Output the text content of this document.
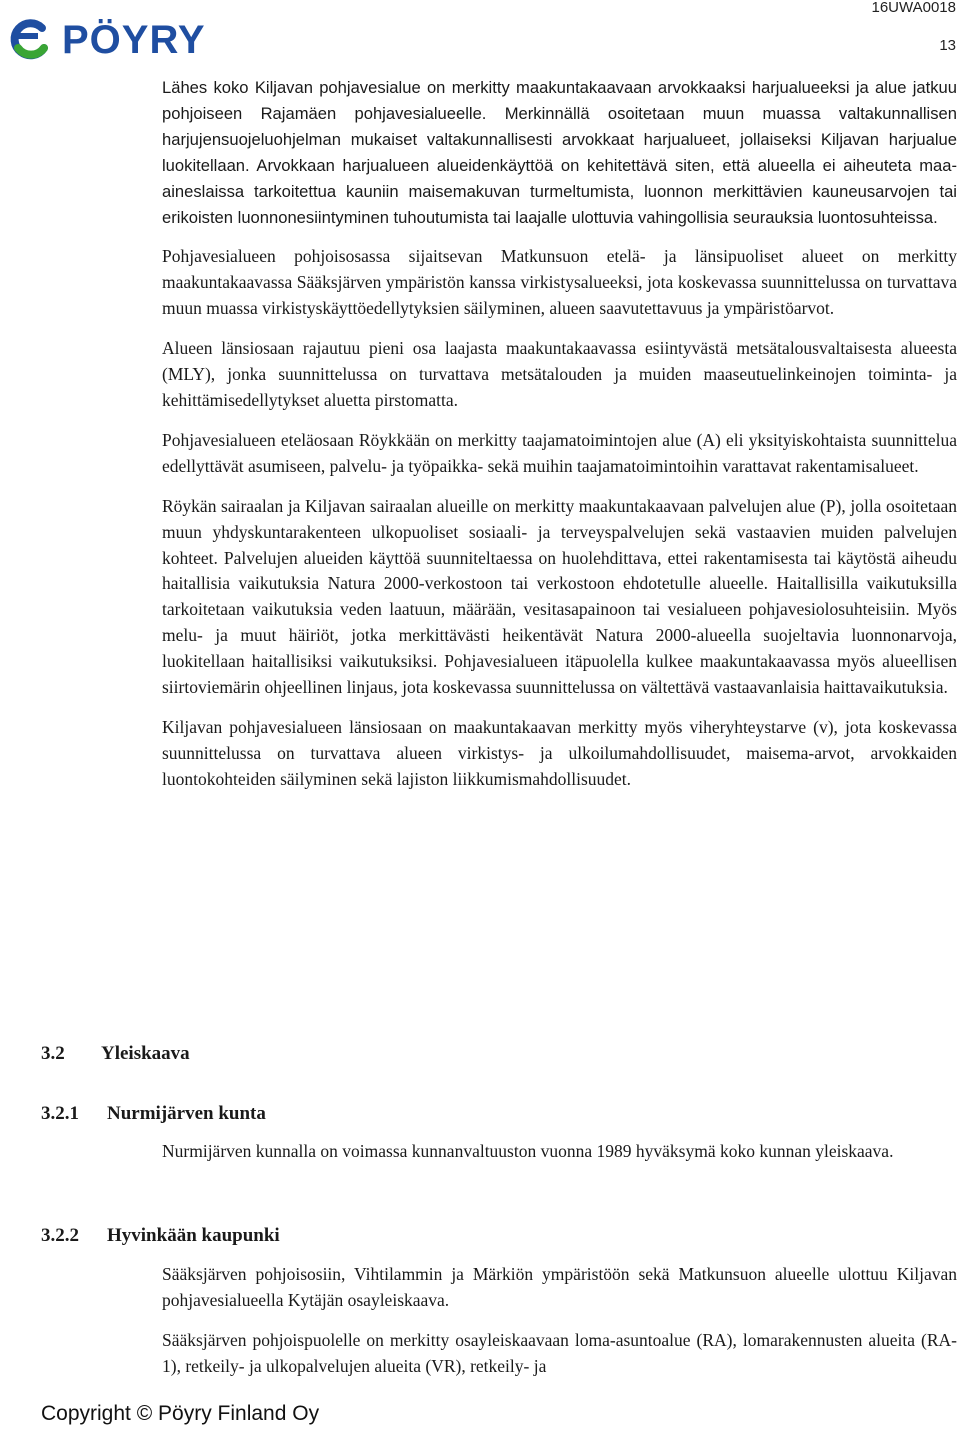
PÖYRY
16UWA0018
13

Lähes koko Kiljavan pohjavesialue on merkitty maakuntakaavaan arvokkaaksi harjualueeksi ja alue jatkuu pohjoiseen Rajamäen pohjavesialueelle. Merkinnällä osoitetaan muun muassa valtakunnallisen harjujensuojeluohjelman mukaiset valtakunnallisesti arvokkaat harjualueet, jollaiseksi Kiljavan harjualue luokitellaan. Arvokkaan harjualueen alueidenkäyttöä on kehitettävä siten, että alueella ei aiheuteta maa-aineslaissa tarkoitettua kauniin maisemakuvan turmeltumista, luonnon merkittävien kauneusarvojen tai erikoisten luonnonesiintyminen tuhoutumista tai laajalle ulottuvia vahingollisia seurauksia luontosuhteissa.

Pohjavesialueen pohjoisosassa sijaitsevan Matkunsuon etelä- ja länsipuoliset alueet on merkitty maakuntakaavassa Sääksjärven ympäristön kanssa virkistysalueeksi, jota koskevassa suunnittelussa on turvattava muun muassa virkistyskäyttöedellytyksien säilyminen, alueen saavutettavuus ja ympäristöarvot.

Alueen länsiosaan rajautuu pieni osa laajasta maakuntakaavassa esiintyvästä metsätalousvaltaisesta alueesta (MLY), jonka suunnittelussa on turvattava metsätalouden ja muiden maaseutuelinkeinojen toiminta- ja kehittämisedellytykset aluetta pirstomatta.

Pohjavesialueen eteläosaan Röykkään on merkitty taajamatoimintojen alue (A) eli yksityiskohtaista suunnittelua edellyttävät asumiseen, palvelu- ja työpaikka- sekä muihin taajamatoimintoihin varattavat rakentamisalueet.

Röykän sairaalan ja Kiljavan sairaalan alueille on merkitty maakuntakaavaan palvelujen alue (P), jolla osoitetaan muun yhdyskuntarakenteen ulkopuoliset sosiaali- ja terveyspalvelujen sekä vastaavien muiden palvelujen kohteet. Palvelujen alueiden käyttöä suunniteltaessa on huolehdittava, ettei rakentamisesta tai käytöstä aiheudu haitallisia vaikutuksia Natura 2000-verkostoon tai verkostoon ehdotetulle alueelle. Haitallisilla vaikutuksilla tarkoitetaan vaikutuksia veden laatuun, määrään, vesitasapainoon tai vesialueen pohjavesiolosuhteisiin. Myös melu- ja muut häiriöt, jotka merkittävästi heikentävät Natura 2000-alueella suojeltavia luonnonarvoja, luokitellaan haitallisiksi vaikutuksiksi. Pohjavesialueen itäpuolella kulkee maakuntakaavassa myös alueellisen siirtoviemärin ohjeellinen linjaus, jota koskevassa suunnittelussa on vältettävä vastaavanlaisia haittavaikutuksia.

Kiljavan pohjavesialueen länsiosaan on maakuntakaavan merkitty myös viheryhteystarve (v), jota koskevassa suunnittelussa on turvattava alueen virkistys- ja ulkoilumahdollisuudet, maisema-arvot, arvokkaiden luontokohteiden säilyminen sekä lajiston liikkumismahdollisuudet.

3.2 Yleiskaava
3.2.1 Nurmijärven kunta

Nurmijärven kunnalla on voimassa kunnanvaltuuston vuonna 1989 hyväksymä koko kunnan yleiskaava.

3.2.2 Hyvinkään kaupunki

Sääksjärven pohjoisosiin, Vihtilammin ja Märkiön ympäristöön sekä Matkunsuon alueelle ulottuu Kiljavan pohjavesialueella Kytäjän osayleiskaava.

Sääksjärven pohjoispuolelle on merkitty osayleiskaavaan loma-asuntoalue (RA), lomarakennusten alueita (RA-1), retkeily- ja ulkopalvelujen alueita (VR), retkeily- ja

Copyright © Pöyry Finland Oy
